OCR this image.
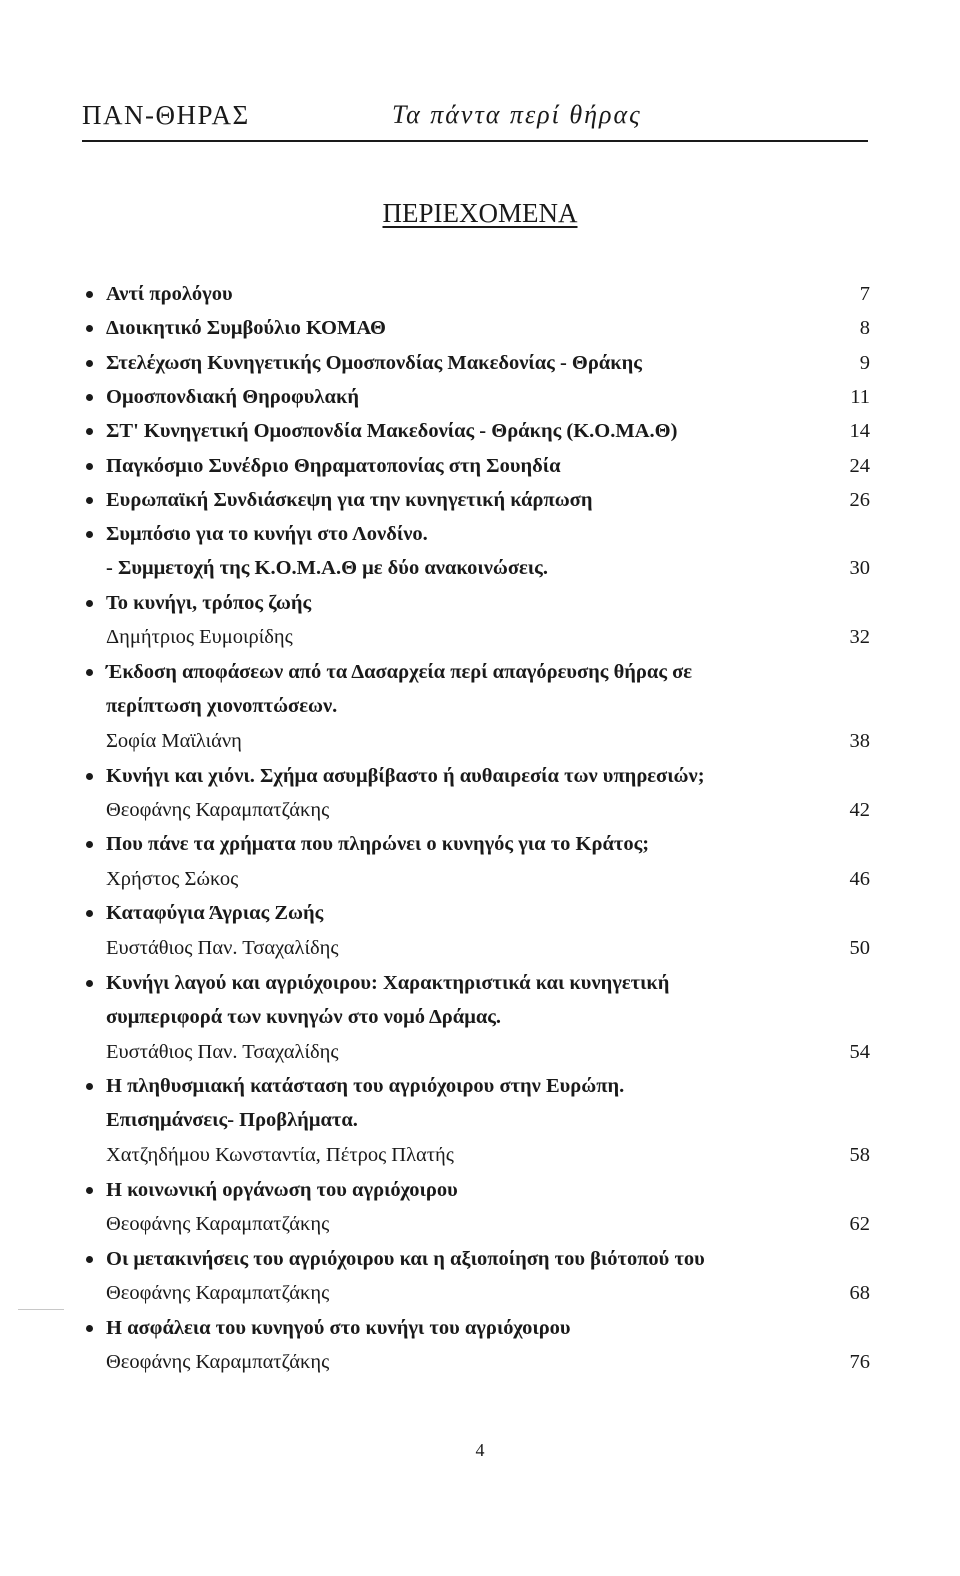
ΠΑΝ-ΘΗΡΑΣ	Τα πάντα περί θήρας
ΠΕΡΙΕΧΟΜΕΝΑ
Αντί προλόγου	7
Διοικητικό Συμβούλιο ΚΟΜΑΘ	8
Στελέχωση Κυνηγετικής Ομοσπονδίας Μακεδονίας - Θράκης	9
Ομοσπονδιακή Θηροφυλακή	11
ΣΤ' Κυνηγετική Ομοσπονδία Μακεδονίας - Θράκης (Κ.Ο.ΜΑ.Θ)	14
Παγκόσμιο Συνέδριο Θηραματοπονίας στη Σουηδία	24
Ευρωπαϊκή Συνδιάσκεψη για την κυνηγετική κάρπωση	26
Συμπόσιο για το κυνήγι στο Λονδίνο.
- Συμμετοχή της Κ.Ο.Μ.Α.Θ με δύο ανακοινώσεις.	30
Το κυνήγι, τρόπος ζωής
Δημήτριος Ευμοιρίδης	32
Έκδοση αποφάσεων από τα Δασαρχεία περί απαγόρευσης θήρας σε
περίπτωση χιονοπτώσεων.
Σοφία Μαϊλιάνη	38
Κυνήγι και χιόνι. Σχήμα ασυμβίβαστο ή αυθαιρεσία των υπηρεσιών;
Θεοφάνης Καραμπατζάκης	42
Που πάνε τα χρήματα που πληρώνει ο κυνηγός για το Κράτος;
Χρήστος Σώκος	46
Καταφύγια Άγριας Ζωής
Ευστάθιος Παν. Τσαχαλίδης	50
Κυνήγι λαγού και αγριόχοιρου: Χαρακτηριστικά και κυνηγετική
συμπεριφορά των κυνηγών στο νομό Δράμας.
Ευστάθιος Παν. Τσαχαλίδης	54
Η πληθυσμιακή κατάσταση του αγριόχοιρου στην Ευρώπη.
Επισημάνσεις- Προβλήματα.
Χατζηδήμου Κωνσταντία, Πέτρος Πλατής	58
Η κοινωνική οργάνωση του αγριόχοιρου
Θεοφάνης Καραμπατζάκης	62
Οι μετακινήσεις του αγριόχοιρου και η αξιοποίηση του βιότοπού του
Θεοφάνης Καραμπατζάκης	68
Η ασφάλεια του κυνηγού στο κυνήγι του αγριόχοιρου
Θεοφάνης Καραμπατζάκης	76
4
